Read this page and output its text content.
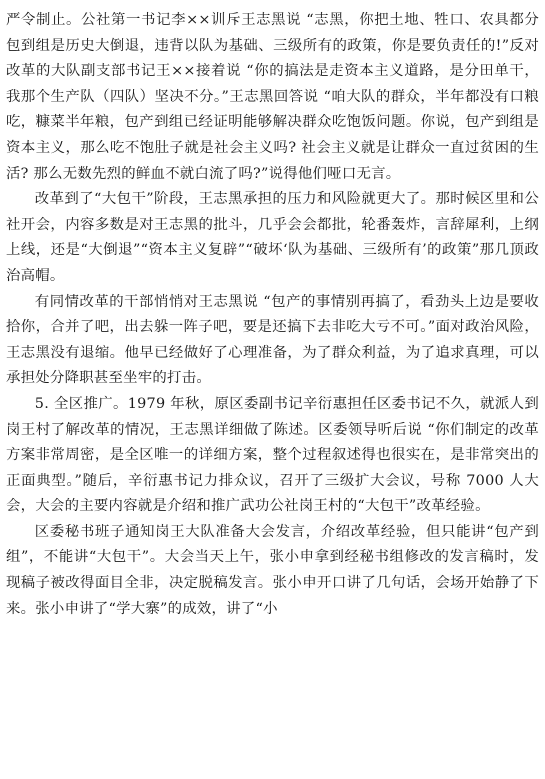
严令制止。公社第一书记李××训斥王志黑说 “志黑，你把土地、牲口、农具都分包到组是历史大倒退，违背以队为基础、三级所有的政策，你是要负责任的!”反对改革的大队副支部书记王××接着说 “你的搞法是走资本主义道路，是分田单干，我那个生产队（四队）坚决不分。”王志黑回答说 “咱大队的群众，半年都没有口粮吃，糠菜半年粮，包产到组已经证明能够解决群众吃饱饭问题。你说，包产到组是资本主义，那么吃不饱肚子就是社会主义吗? 社会主义就是让群众一直过贫困的生活? 那么无数先烈的鲜血不就白流了吗?”说得他们哑口无言。

改革到了“大包干”阶段，王志黑承担的压力和风险就更大了。那时候区里和公社开会，内容多数是对王志黑的批斗，几乎会会都批，轮番轰炸，言辞犀利，上纲上线，还是“大倒退”“资本主义复辟”“破坏‘队为基础、三级所有’的政策”那几顶政治高帽。

有同情改革的干部悄悄对王志黑说 “包产的事情别再搞了，看劲头上边是要收拾你，合并了吧，出去躲一阵子吧，要是还搞下去非吃大亏不可。”面对政治风险，王志黑没有退缩。他早已经做好了心理准备，为了群众利益，为了追求真理，可以承担处分降职甚至坐牢的打击。

5. 全区推广。1979 年秋，原区委副书记辛衍惠担任区委书记不久，就派人到岗王村了解改革的情况，王志黑详细做了陈述。区委领导听后说 “你们制定的改革方案非常周密，是全区唯一的详细方案，整个过程叙述得也很实在，是非常突出的正面典型。”随后，辛衍惠书记力排众议，召开了三级扩大会议，号称 7000 人大会，大会的主要内容就是介绍和推广武功公社岗王村的“大包干”改革经验。

区委秘书班子通知岗王大队准备大会发言，介绍改革经验，但只能讲“包产到组”，不能讲“大包干”。大会当天上午，张小申拿到经秘书组修改的发言稿时，发现稿子被改得面目全非，决定脱稿发言。张小申开口讲了几句话，会场开始静了下来。张小申讲了“学大寨”的成效，讲了“小
